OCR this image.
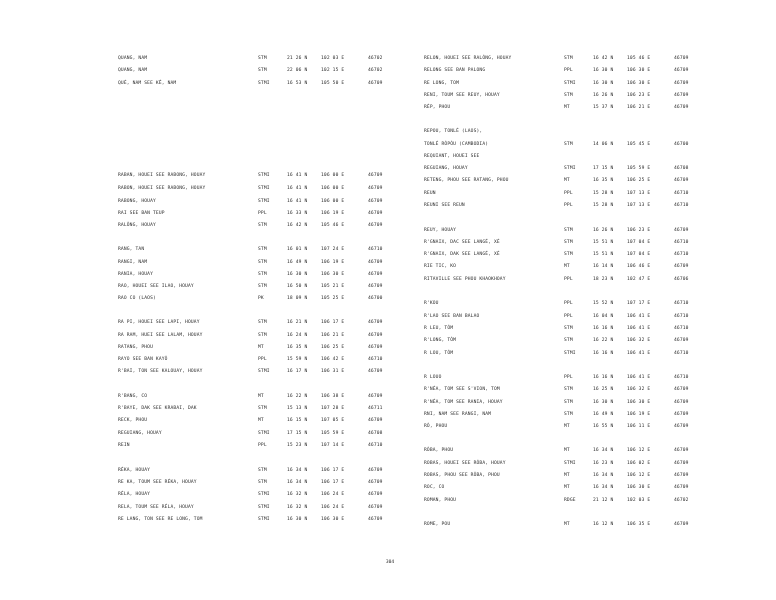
QUANG, NAM	STM	21 26 N	102 03 E	46702
QUANG, NAM	STM	22 06 N	102 15 E	46702
QUÉ, NAM SEE KÊ, NAM	STMI	16 53 N	105 50 E	46709
RABAN, HOUEI SEE RABONG, HOUAY	STMI	16 41 N	106 00 E	46709
RABON, HOUEI SEE RABONG, HOUAY	STMI	16 41 N	106 00 E	46709
RABONG, HOUAY	STMI	16 41 N	106 00 E	46709
RAI SEE BAN TEUP	PPL	16 33 N	106 19 E	46709
RALÔNG, HOUAY	STM	16 42 N	105 46 E	46709
RANG, TAN	STM	16 01 N	107 24 E	46710
RANGI, NAM	STM	16 49 N	106 19 E	46709
RANIA, HOUAY	STM	16 30 N	106 30 E	46709
RAO, HOUEI SEE ILAO, HOUAY	STM	16 50 N	105 21 E	46709
RAO CO (LAOS)	PK	18 09 N	105 25 E	46700
RA PI, HOUEI SEE LAPI, HOUAY	STM	16 21 N	106 17 E	46709
RA RAM, HUEI SEE LALAM, HOUAY	STM	16 24 N	106 21 E	46709
RATANG, PHOU	MT	16 35 N	106 25 E	46709
RAYO SEE BAN KAYÔ	PPL	15 59 N	106 42 E	46710
R'BAI, TON SEE KALOUAY, HOUAY	STMI	16 17 N	106 31 E	46709
R'BANG, CO	MT	16 22 N	106 38 E	46709
R'BAYE, DAK SEE KRABAI, DAK	STM	15 13 N	107 28 E	46711
RECK, PHOU	MT	16 15 N	107 05 E	46709
REGUIANG, HOUAY	STMI	17 15 N	105 59 E	46708
REIN	PPL	15 23 N	107 14 E	46710
RÉKA, HOUAY	STM	16 34 N	106 17 E	46709
RE KA, TOUM SEE RÉKA, HOUAY	STM	16 34 N	106 17 E	46709
RÉLA, HOUAY	STMI	16 32 N	106 24 E	46709
RELA, TOUM SEE RÉLA, HOUAY	STMI	16 32 N	106 24 E	46709
RE LANG, TON SEE RE LONG, TOM	STMI	16 30 N	106 30 E	46709
RELON, HOUEI SEE RALÔNG, HOUAY	STM	16 42 N	105 46 E	46709
RELONG SEE BAN PALONG	PPL	16 30 N	106 30 E	46709
RE LONG, TOM	STMI	16 30 N	106 30 E	46709
RENI, TOUM SEE REUY, HOUAY	STM	16 26 N	106 23 E	46709
RÉP, PHOU	MT	15 37 N	106 21 E	46709
REPOU, TONLÉ (LAOS),
TONLÉ RÔPÔU (CAMBODIA)	STM	14 06 N	105 45 E	46700
REQUIANT, HOUEI SEE
REGUIANG, HOUAY	STMI	17 15 N	105 59 E	46708
RETENG, PHOU SEE RATANG, PHOU	MT	16 35 N	106 25 E	46709
REUN	PPL	15 28 N	107 13 E	46710
REUNI SEE REUN	PPL	15 28 N	107 13 E	46710
REUY, HOUAY	STM	16 26 N	106 23 E	46709
R'GNAIX, DAC SEE LANGÉ, XÉ	STM	15 51 N	107 04 E	46710
R'GNAIX, DAK SEE LANGÉ, XÉ	STM	15 51 N	107 04 E	46710
RIE TIC, KO	MT	16 14 N	106 46 E	46709
RITAVILLE SEE PHOU KHAOKHOAY	PPL	18 23 N	102 47 E	46706
R'KOU	PPL	15 52 N	107 17 E	46710
R'LAO SEE BAN BALAO	PPL	16 04 N	106 41 E	46710
R LEU, TÔM	STM	16 16 N	106 41 E	46710
R'LONG, TÔM	STM	16 22 N	106 32 E	46709
R LOU, TÔM	STMI	16 16 N	106 41 E	46710
R LOUO	PPL	16 16 N	106 41 E	46710
R'NÉA, TOM SEE S'VION, TOM	STM	16 25 N	106 32 E	46709
R'NÉA, TOM SEE RANIA, HOUAY	STM	16 30 N	106 30 E	46709
RNI, NAM SEE RANGI, NAM	STM	16 49 N	106 19 E	46709
RÔ, PHOU	MT	16 55 N	106 11 E	46709
RÔBA, PHOU	MT	16 34 N	106 12 E	46709
ROBAS, HOUEI SEE RÔBA, HOUAY	STMI	16 23 N	106 02 E	46709
ROBAS, PHOU SEE RÔBA, PHOU	MT	16 34 N	106 12 E	46709
ROC, CO	MT	16 34 N	106 30 E	46709
ROMAN, PHOU	RDGE	21 12 N	102 03 E	46702
ROME, POU	MT	16 12 N	106 35 E	46709
304
